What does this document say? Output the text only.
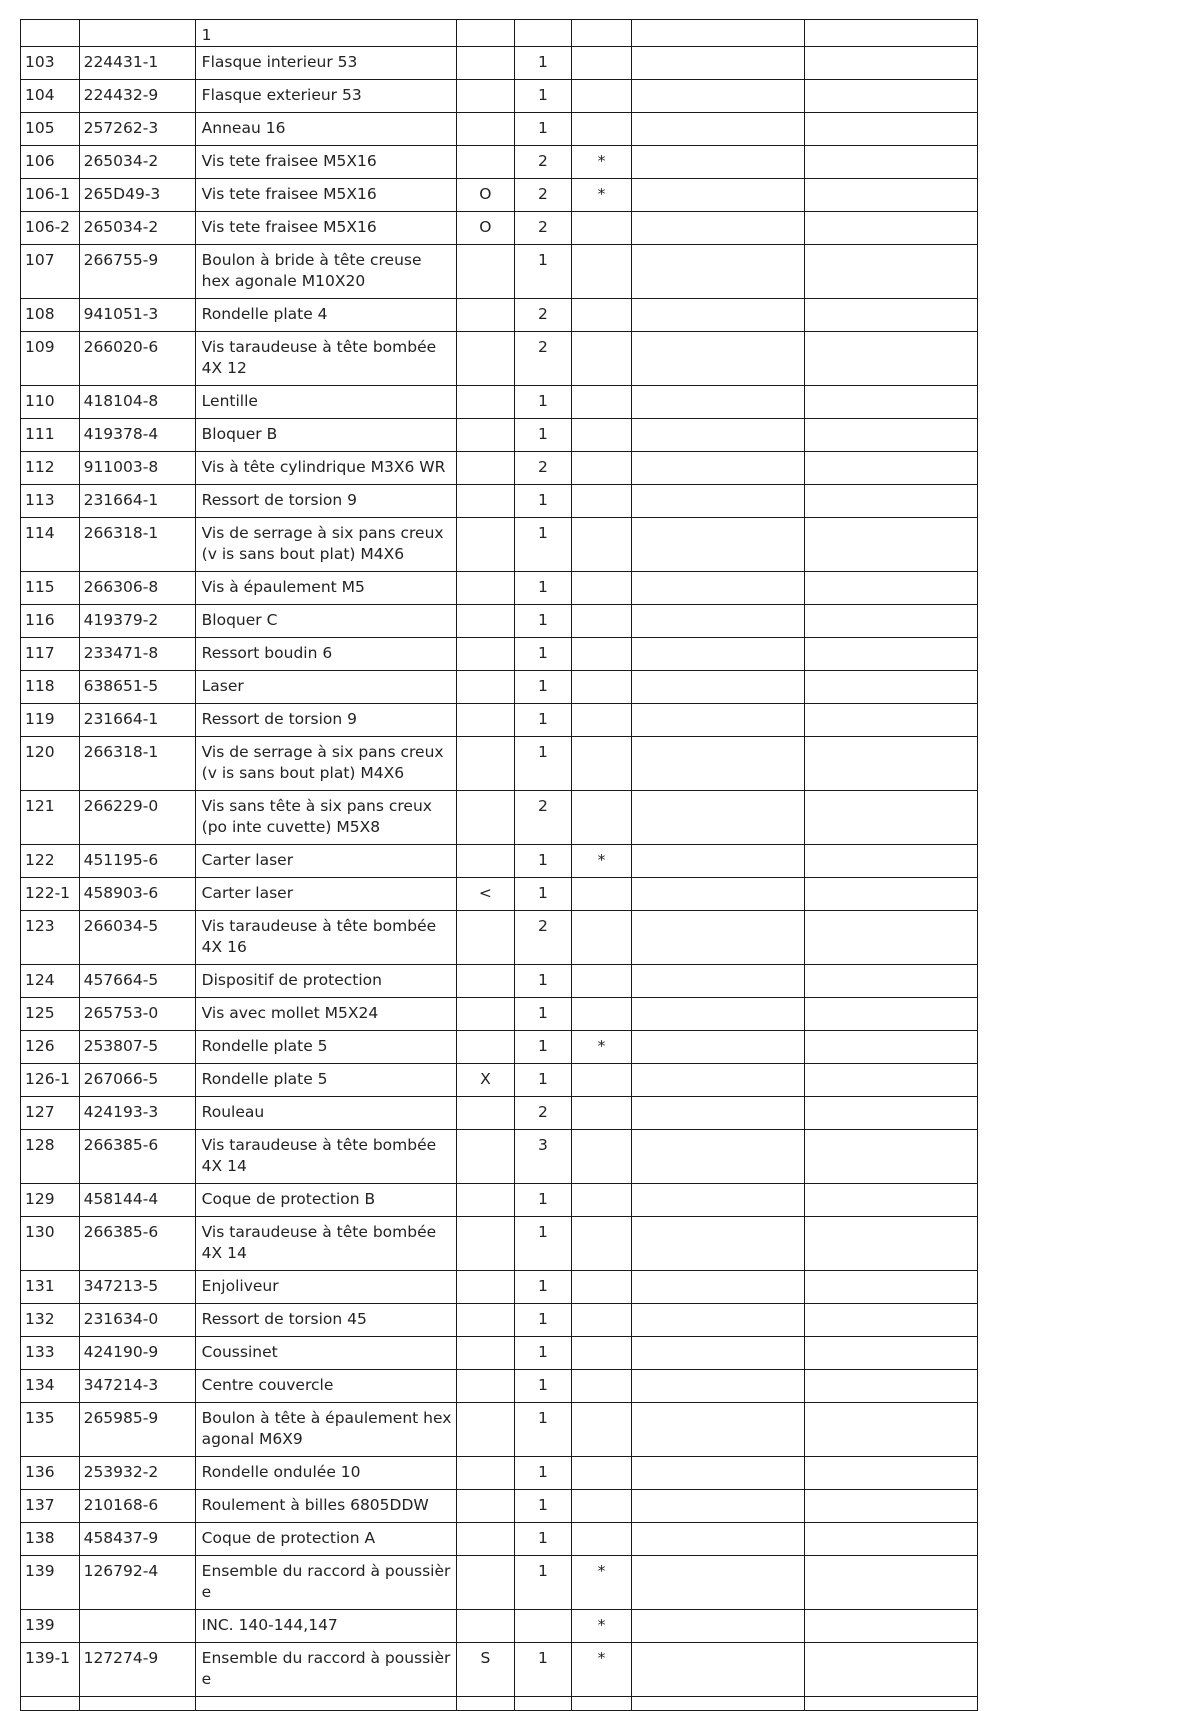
		1					
103	224431-1	Flasque interieur 53		1			
104	224432-9	Flasque exterieur 53		1			
105	257262-3	Anneau 16		1			
106	265034-2	Vis tete fraisee M5X16		2	*		
106-1	265D49-3	Vis tete fraisee M5X16	O	2	*		
106-2	265034-2	Vis tete fraisee M5X16	O	2			
107	266755-9	Boulon à bride à tête creuse hex agonale M10X20		1			
108	941051-3	Rondelle plate 4		2			
109	266020-6	Vis taraudeuse à tête bombée 4X 12		2			
110	418104-8	Lentille		1			
111	419378-4	Bloquer B		1			
112	911003-8	Vis à tête cylindrique M3X6 WR		2			
113	231664-1	Ressort de torsion 9		1			
114	266318-1	Vis de serrage à six pans creux (v is sans bout plat) M4X6		1			
115	266306-8	Vis à épaulement M5		1			
116	419379-2	Bloquer C		1			
117	233471-8	Ressort boudin 6		1			
118	638651-5	Laser		1			
119	231664-1	Ressort de torsion 9		1			
120	266318-1	Vis de serrage à six pans creux (v is sans bout plat) M4X6		1			
121	266229-0	Vis sans tête à six pans creux (po inte cuvette) M5X8		2			
122	451195-6	Carter laser		1	*		
122-1	458903-6	Carter laser	<	1			
123	266034-5	Vis taraudeuse à tête bombée 4X 16		2			
124	457664-5	Dispositif de protection		1			
125	265753-0	Vis avec mollet M5X24		1			
126	253807-5	Rondelle plate 5		1	*		
126-1	267066-5	Rondelle plate 5	X	1			
127	424193-3	Rouleau		2			
128	266385-6	Vis taraudeuse à tête bombée 4X 14		3			
129	458144-4	Coque de protection B		1			
130	266385-6	Vis taraudeuse à tête bombée 4X 14		1			
131	347213-5	Enjoliveur		1			
132	231634-0	Ressort de torsion 45		1			
133	424190-9	Coussinet		1			
134	347214-3	Centre couvercle		1			
135	265985-9	Boulon à tête à épaulement hex agonal M6X9		1			
136	253932-2	Rondelle ondulée 10		1			
137	210168-6	Roulement à billes 6805DDW		1			
138	458437-9	Coque de protection A		1			
139	126792-4	Ensemble du raccord à poussièr e		1	*		
139		INC. 140-144,147			*		
139-1	127274-9	Ensemble du raccord à poussièr e	S	1	*		
